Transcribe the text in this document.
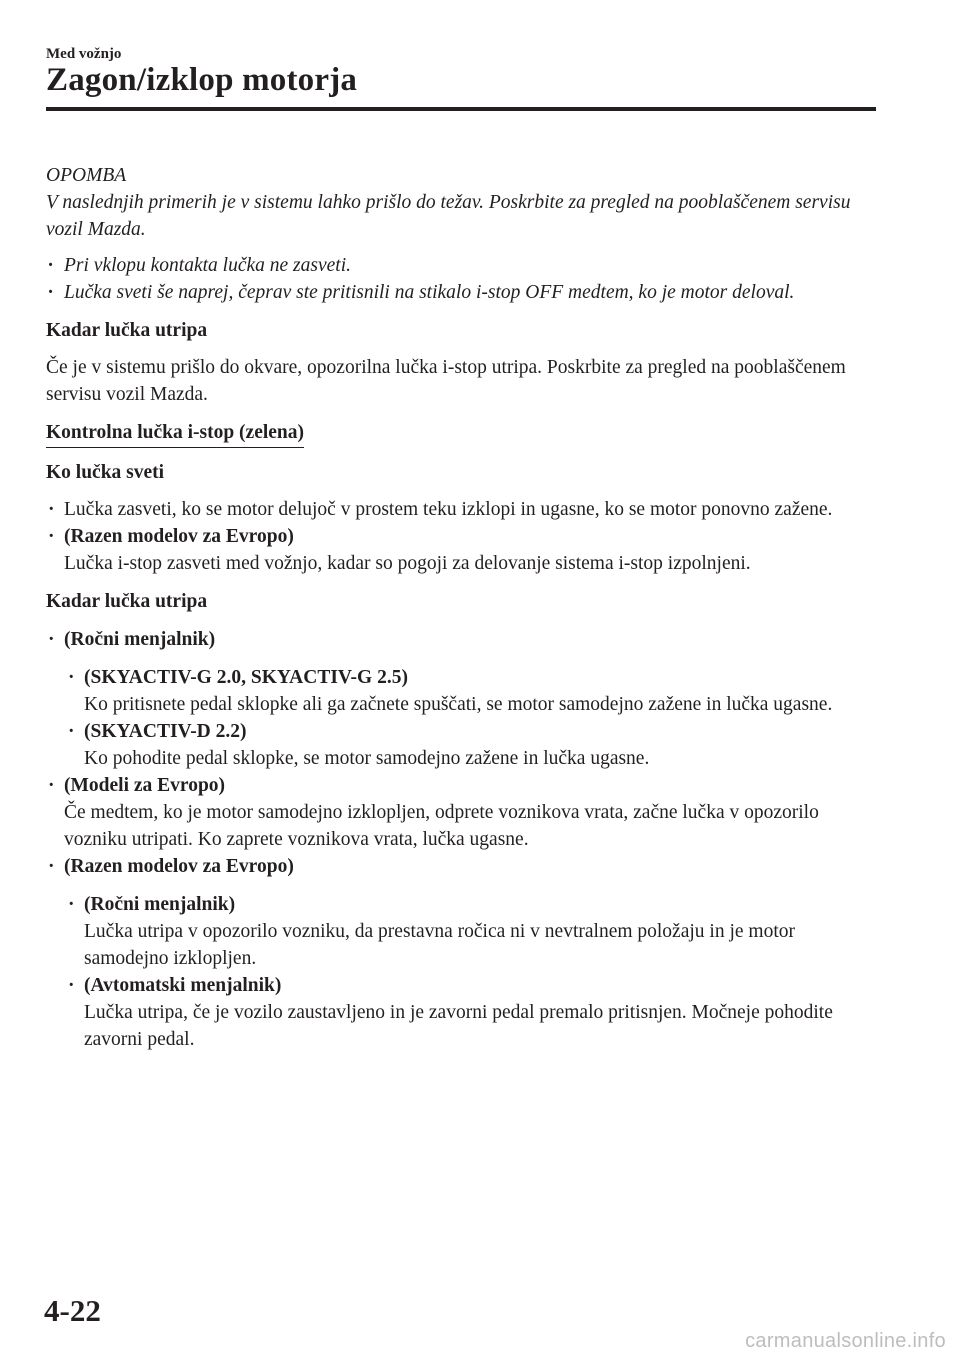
Med vožnjo
Zagon/izklop motorja

OPOMBA

V naslednjih primerih je v sistemu lahko prišlo do težav. Poskrbite za pregled na pooblaščenem servisu vozil Mazda.

· Pri vklopu kontakta lučka ne zasveti.

· Lučka sveti še naprej, čeprav ste pritisnili na stikalo i-stop OFF medtem, ko je motor deloval.

Kadar lučka utripa

Če je v sistemu prišlo do okvare, opozorilna lučka i-stop utripa. Poskrbite za pregled na pooblaščenem servisu vozil Mazda.

Kontrolna lučka i-stop (zelena)

Ko lučka sveti

· Lučka zasveti, ko se motor delujoč v prostem teku izklopi in ugasne, ko se motor ponovno zažene.

· (Razen modelov za Evropo)
Lučka i-stop zasveti med vožnjo, kadar so pogoji za delovanje sistema i-stop izpolnjeni.

Kadar lučka utripa

· (Ročni menjalnik)
· (SKYACTIV-G 2.0, SKYACTIV-G 2.5)
Ko pritisnete pedal sklopke ali ga začnete spuščati, se motor samodejno zažene in lučka ugasne.
· (SKYACTIV-D 2.2)
Ko pohodite pedal sklopke, se motor samodejno zažene in lučka ugasne.
· (Modeli za Evropo)
Če medtem, ko je motor samodejno izklopljen, odprete voznikova vrata, začne lučka v opozorilo vozniku utripati. Ko zaprete voznikova vrata, lučka ugasne.
· (Razen modelov za Evropo)
· (Ročni menjalnik)
Lučka utripa v opozorilo vozniku, da prestavna ročica ni v nevtralnem položaju in je motor samodejno izklopljen.
· (Avtomatski menjalnik)
Lučka utripa, če je vozilo zaustavljeno in je zavorni pedal premalo pritisnjen. Močneje pohodite zavorni pedal.
4-22
carmanualsonline.info
